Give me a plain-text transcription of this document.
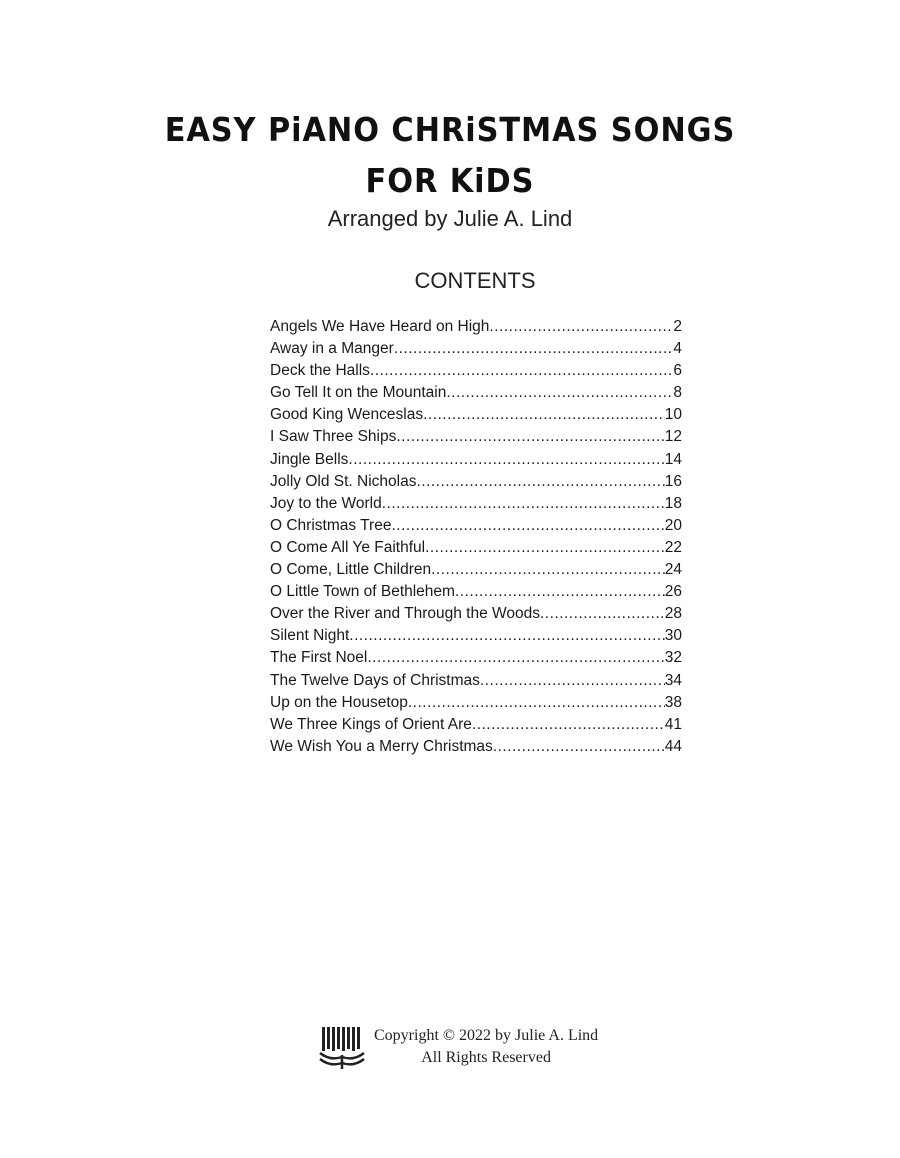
EASY PiANO CHRiSTMAS SONGS
FOR KiDS
Arranged by Julie A. Lind
CONTENTS
Angels We Have Heard on High .....	2
Away in a Manger .....	4
Deck the Halls .....	6
Go Tell It on the Mountain .....	8
Good King Wenceslas .....	10
I Saw Three Ships .....	12
Jingle Bells .....	14
Jolly Old St. Nicholas .....	16
Joy to the World .....	18
O Christmas Tree .....	20
O Come All Ye Faithful .....	22
O Come, Little Children .....	24
O Little Town of Bethlehem .....	26
Over the River and Through the Woods .....	28
Silent Night .....	30
The First Noel .....	32
The Twelve Days of Christmas .....	34
Up on the Housetop .....	38
We Three Kings of Orient Are .....	41
We Wish You a Merry Christmas .....	44
Copyright © 2022 by Julie A. Lind
All Rights Reserved
